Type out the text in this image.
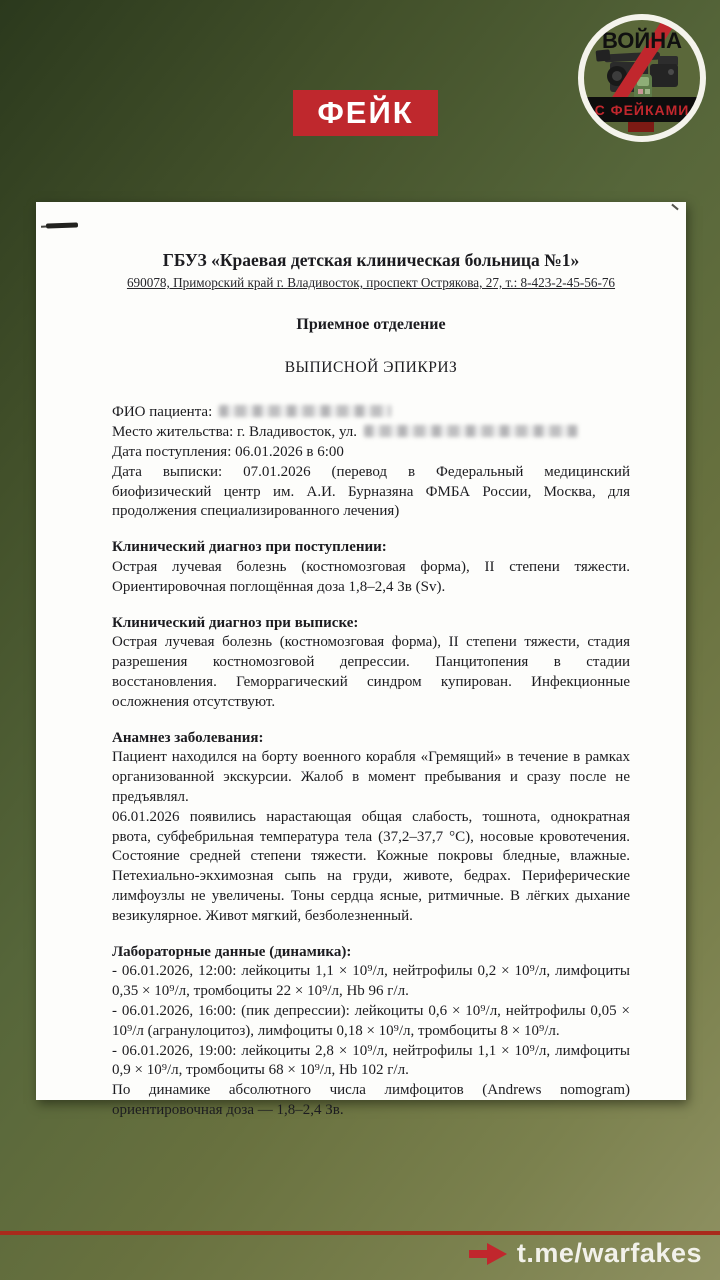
ФЕЙК
ВОЙНА
С ФЕЙКАМИ
ГБУЗ «Краевая детская клиническая больница №1»
690078, Приморский край г. Владивосток, проспект Острякова, 27, т.: 8-423-2-45-56-76
Приемное отделение
ВЫПИСНОЙ ЭПИКРИЗ
ФИО пациента:
Место жительства: г. Владивосток, ул.
Дата поступления: 06.01.2026 в 6:00
Дата выписки: 07.01.2026 (перевод в Федеральный медицинский биофизический центр им. А.И. Бурназяна ФМБА России, Москва, для продолжения специализированного лечения)
Клинический диагноз при поступлении:
Острая лучевая болезнь (костномозговая форма), II степени тяжести. Ориентировочная поглощённая доза 1,8–2,4 Зв (Sv).
Клинический диагноз при выписке:
Острая лучевая болезнь (костномозговая форма), II степени тяжести, стадия разрешения костномозговой депрессии. Панцитопения в стадии восстановления. Геморрагический синдром купирован. Инфекционные осложнения отсутствуют.
Анамнез заболевания:
Пациент находился на борту военного корабля «Гремящий» в течение в рамках организованной экскурсии. Жалоб в момент пребывания и сразу после не предъявлял.
06.01.2026 появились нарастающая общая слабость, тошнота, однократная рвота, субфебрильная температура тела (37,2–37,7 °С), носовые кровотечения. Состояние средней степени тяжести. Кожные покровы бледные, влажные. Петехиально-экхимозная сыпь на груди, животе, бедрах. Периферические лимфоузлы не увеличены. Тоны сердца ясные, ритмичные. В лёгких дыхание везикулярное. Живот мягкий, безболезненный.
Лабораторные данные (динамика):
- 06.01.2026, 12:00: лейкоциты 1,1 × 10⁹/л, нейтрофилы 0,2 × 10⁹/л, лимфоциты 0,35 × 10⁹/л, тромбоциты 22 × 10⁹/л, Hb 96 г/л.
- 06.01.2026, 16:00: (пик депрессии): лейкоциты 0,6 × 10⁹/л, нейтрофилы 0,05 × 10⁹/л (агранулоцитоз), лимфоциты 0,18 × 10⁹/л, тромбоциты 8 × 10⁹/л.
- 06.01.2026, 19:00: лейкоциты 2,8 × 10⁹/л, нейтрофилы 1,1 × 10⁹/л, лимфоциты 0,9 × 10⁹/л, тромбоциты 68 × 10⁹/л, Hb 102 г/л.
По динамике абсолютного числа лимфоцитов (Andrews nomogram) ориентировочная доза — 1,8–2,4 Зв.
t.me/warfakes
